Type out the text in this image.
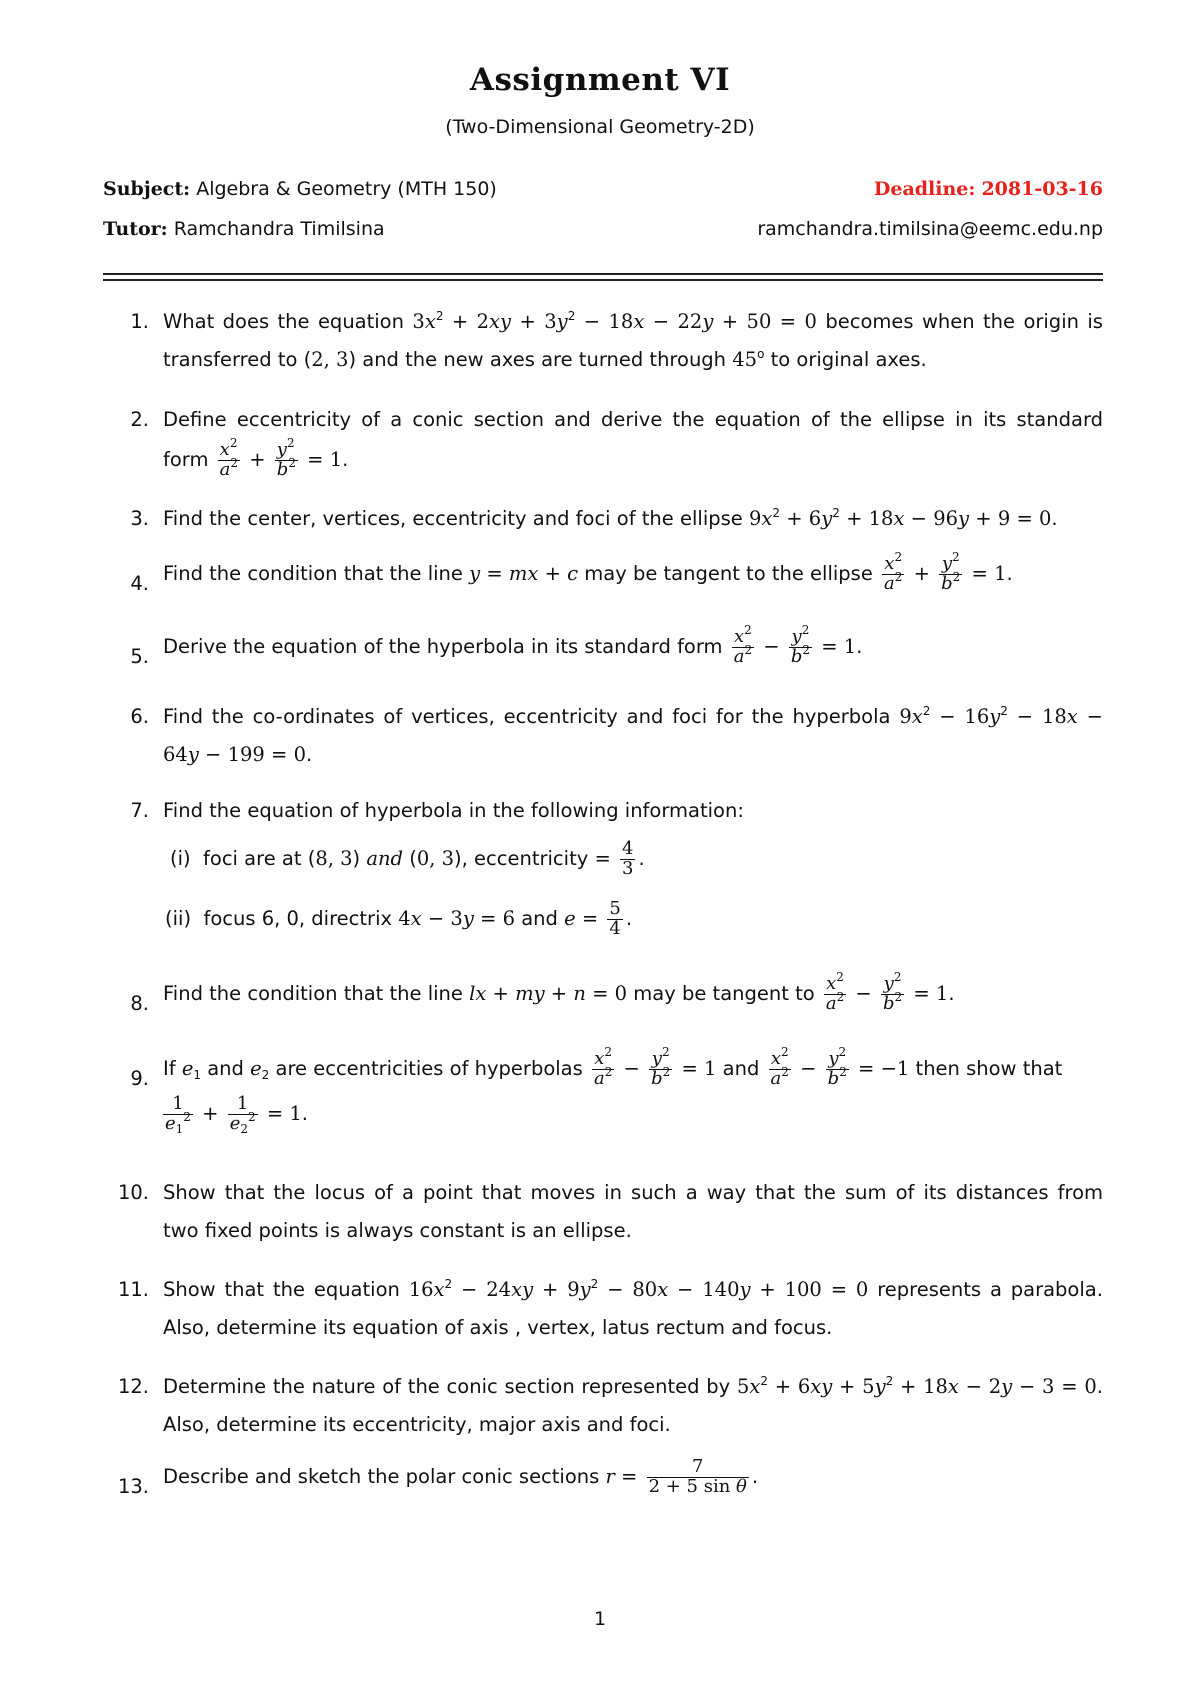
Assignment VI
(Two-Dimensional Geometry-2D)
Subject: Algebra & Geometry (MTH 150)	Deadline: 2081-03-16
Tutor: Ramchandra Timilsina	ramchandra.timilsina@eemc.edu.np
1. What does the equation $3x^2 + 2xy + 3y^2 - 18x - 22y + 50 = 0$ becomes when the origin is
transferred to (2, 3) and the new axes are turned through 45$^o$ to original axes.
2. Define eccentricity of a conic section and derive the equation of the ellipse in its standard
form $\frac{x^2}{a^2} + \frac{y^2}{b^2} = 1$.
3. Find the center, vertices, eccentricity and foci of the ellipse $9x^2 + 6y^2 + 18x - 96y + 9 = 0$.
4. Find the condition that the line y = mx + c may be tangent to the ellipse $\frac{x^2}{a^2} + \frac{y^2}{b^2} = 1$.
5. Derive the equation of the hyperbola in its standard form $\frac{x^2}{a^2} - \frac{y^2}{b^2} = 1$.
6. Find the co-ordinates of vertices, eccentricity and foci for the hyperbola $9x^2 - 16y^2 - 18x$ −
64y − 199 = 0.
7. Find the equation of hyperbola in the following information:
(i)  foci are at (8, 3) and (0, 3), eccentricity = $\frac{4}{3}$ .
(ii)  focus 6, 0, directrix 4x − 3y = 6 and $e = \frac{5}{4}$ .
8. Find the condition that the line lx + my + n = 0 may be tangent to $\frac{x^2}{a^2} - \frac{y^2}{b^2} = 1$.
9. If $e_1$ and $e_2$ are eccentricities of hyperbolas $\frac{x^2}{a^2} - \frac{y^2}{b^2} = 1$ and $\frac{x^2}{a^2} - \frac{y^2}{b^2} = -1$ then show that
$\frac{1}{e_1^2} + \frac{1}{e_2^2} = 1$.
10. Show that the locus of a point that moves in such a way that the sum of its distances from
two fixed points is always constant is an ellipse.
11. Show that the equation $16x^2 - 24xy + 9y^2 - 80x - 140y + 100 = 0$ represents a parabola.
Also, determine its equation of axis , vertex, latus rectum and focus.
12. Determine the nature of the conic section represented by $5x^2 + 6xy + 5y^2 + 18x - 2y - 3 = 0$.
Also, determine its eccentricity, major axis and foci.
13. Describe and sketch the polar conic sections $r = \frac{7}{\text{2 + 5 sin θ}}$ .
1
